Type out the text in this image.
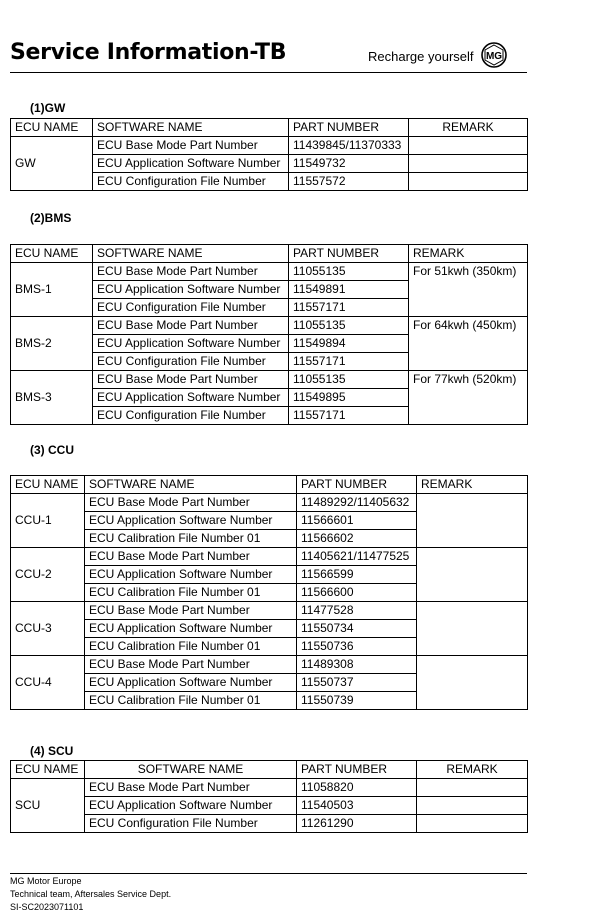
Service Information-TB	Recharge yourself MG
(1)GW
ECU NAME	SOFTWARE NAME	PART NUMBER	REMARK
GW	ECU Base Mode Part Number	11439845/11370333	
	ECU Application Software Number	11549732	
	ECU Configuration File Number	11557572	
(2)BMS
ECU NAME	SOFTWARE NAME	PART NUMBER	REMARK
BMS-1	ECU Base Mode Part Number	11055135	For 51kwh (350km)
	ECU Application Software Number	11549891	
	ECU Configuration File Number	11557171	
BMS-2	ECU Base Mode Part Number	11055135	For 64kwh (450km)
	ECU Application Software Number	11549894	
	ECU Configuration File Number	11557171	
BMS-3	ECU Base Mode Part Number	11055135	For 77kwh (520km)
	ECU Application Software Number	11549895	
	ECU Configuration File Number	11557171	
(3) CCU
ECU NAME	SOFTWARE NAME	PART NUMBER	REMARK
CCU-1	ECU Base Mode Part Number	11489292/11405632	
	ECU Application Software Number	11566601	
	ECU Calibration File Number 01	11566602	
CCU-2	ECU Base Mode Part Number	11405621/11477525	
	ECU Application Software Number	11566599	
	ECU Calibration File Number 01	11566600	
CCU-3	ECU Base Mode Part Number	11477528	
	ECU Application Software Number	11550734	
	ECU Calibration File Number 01	11550736	
CCU-4	ECU Base Mode Part Number	11489308	
	ECU Application Software Number	11550737	
	ECU Calibration File Number 01	11550739	
(4) SCU
ECU NAME	SOFTWARE NAME	PART NUMBER	REMARK
SCU	ECU Base Mode Part Number	11058820	
	ECU Application Software Number	11540503	
	ECU Configuration File Number	11261290	
MG Motor Europe
Technical team, Aftersales Service Dept.
SI-SC2023071101
